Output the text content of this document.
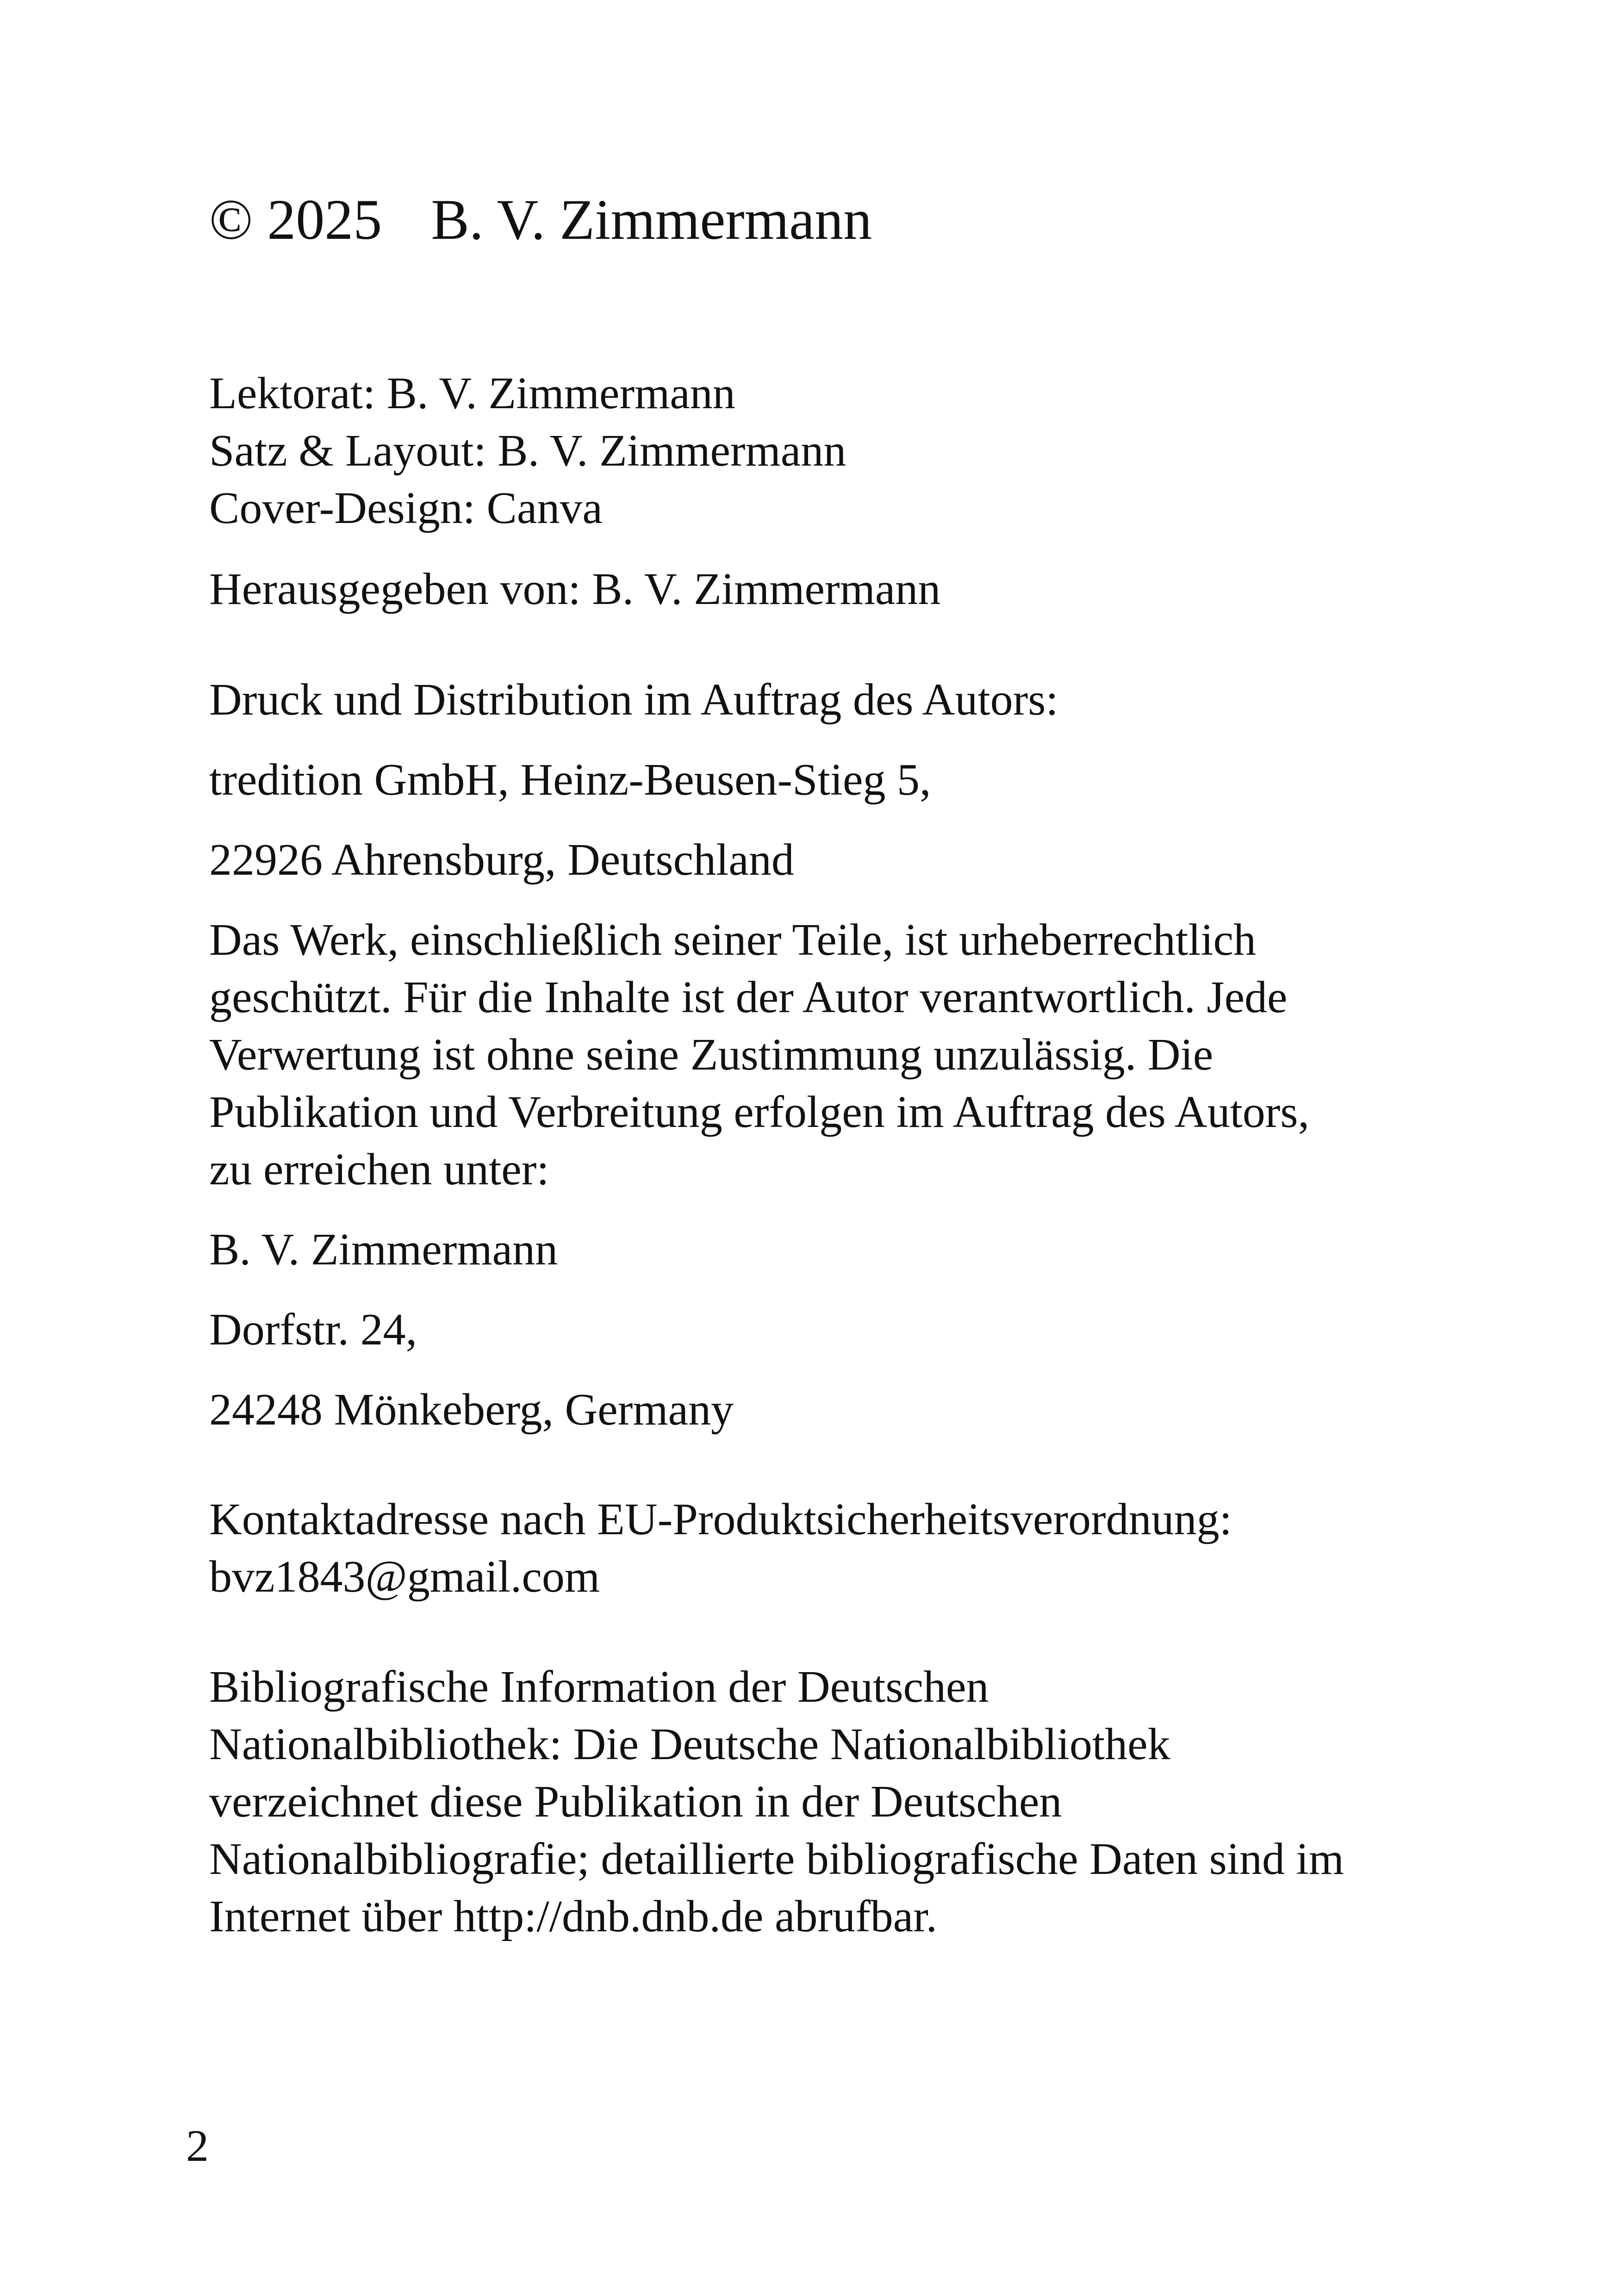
© 2025 B. V. Zimmermann

Lektorat: B. V. Zimmermann

Satz & Layout: B. V. Zimmermann

Cover-Design: Canva

Herausgegeben von: B. V. Zimmermann

Druck und Distribution im Auftrag des Autors:

tredition GmbH, Heinz-Beusen-Stieg 5,

22926 Ahrensburg, Deutschland

Das Werk, einschließlich seiner Teile, ist urheberrechtlich

geschützt. Für die Inhalte ist der Autor verantwortlich. Jede

Verwertung ist ohne seine Zustimmung unzulässig. Die

Publikation und Verbreitung erfolgen im Auftrag des Autors,

zu erreichen unter:

B. V. Zimmermann

Dorfstr. 24,

24248 Mönkeberg, Germany

Kontaktadresse nach EU-Produktsicherheitsverordnung:

bvz1843@gmail.com

Bibliografische Information der Deutschen

Nationalbibliothek: Die Deutsche Nationalbibliothek

verzeichnet diese Publikation in der Deutschen

Nationalbibliografie; detaillierte bibliografische Daten sind im

Internet über http://dnb.dnb.de abrufbar.

2
